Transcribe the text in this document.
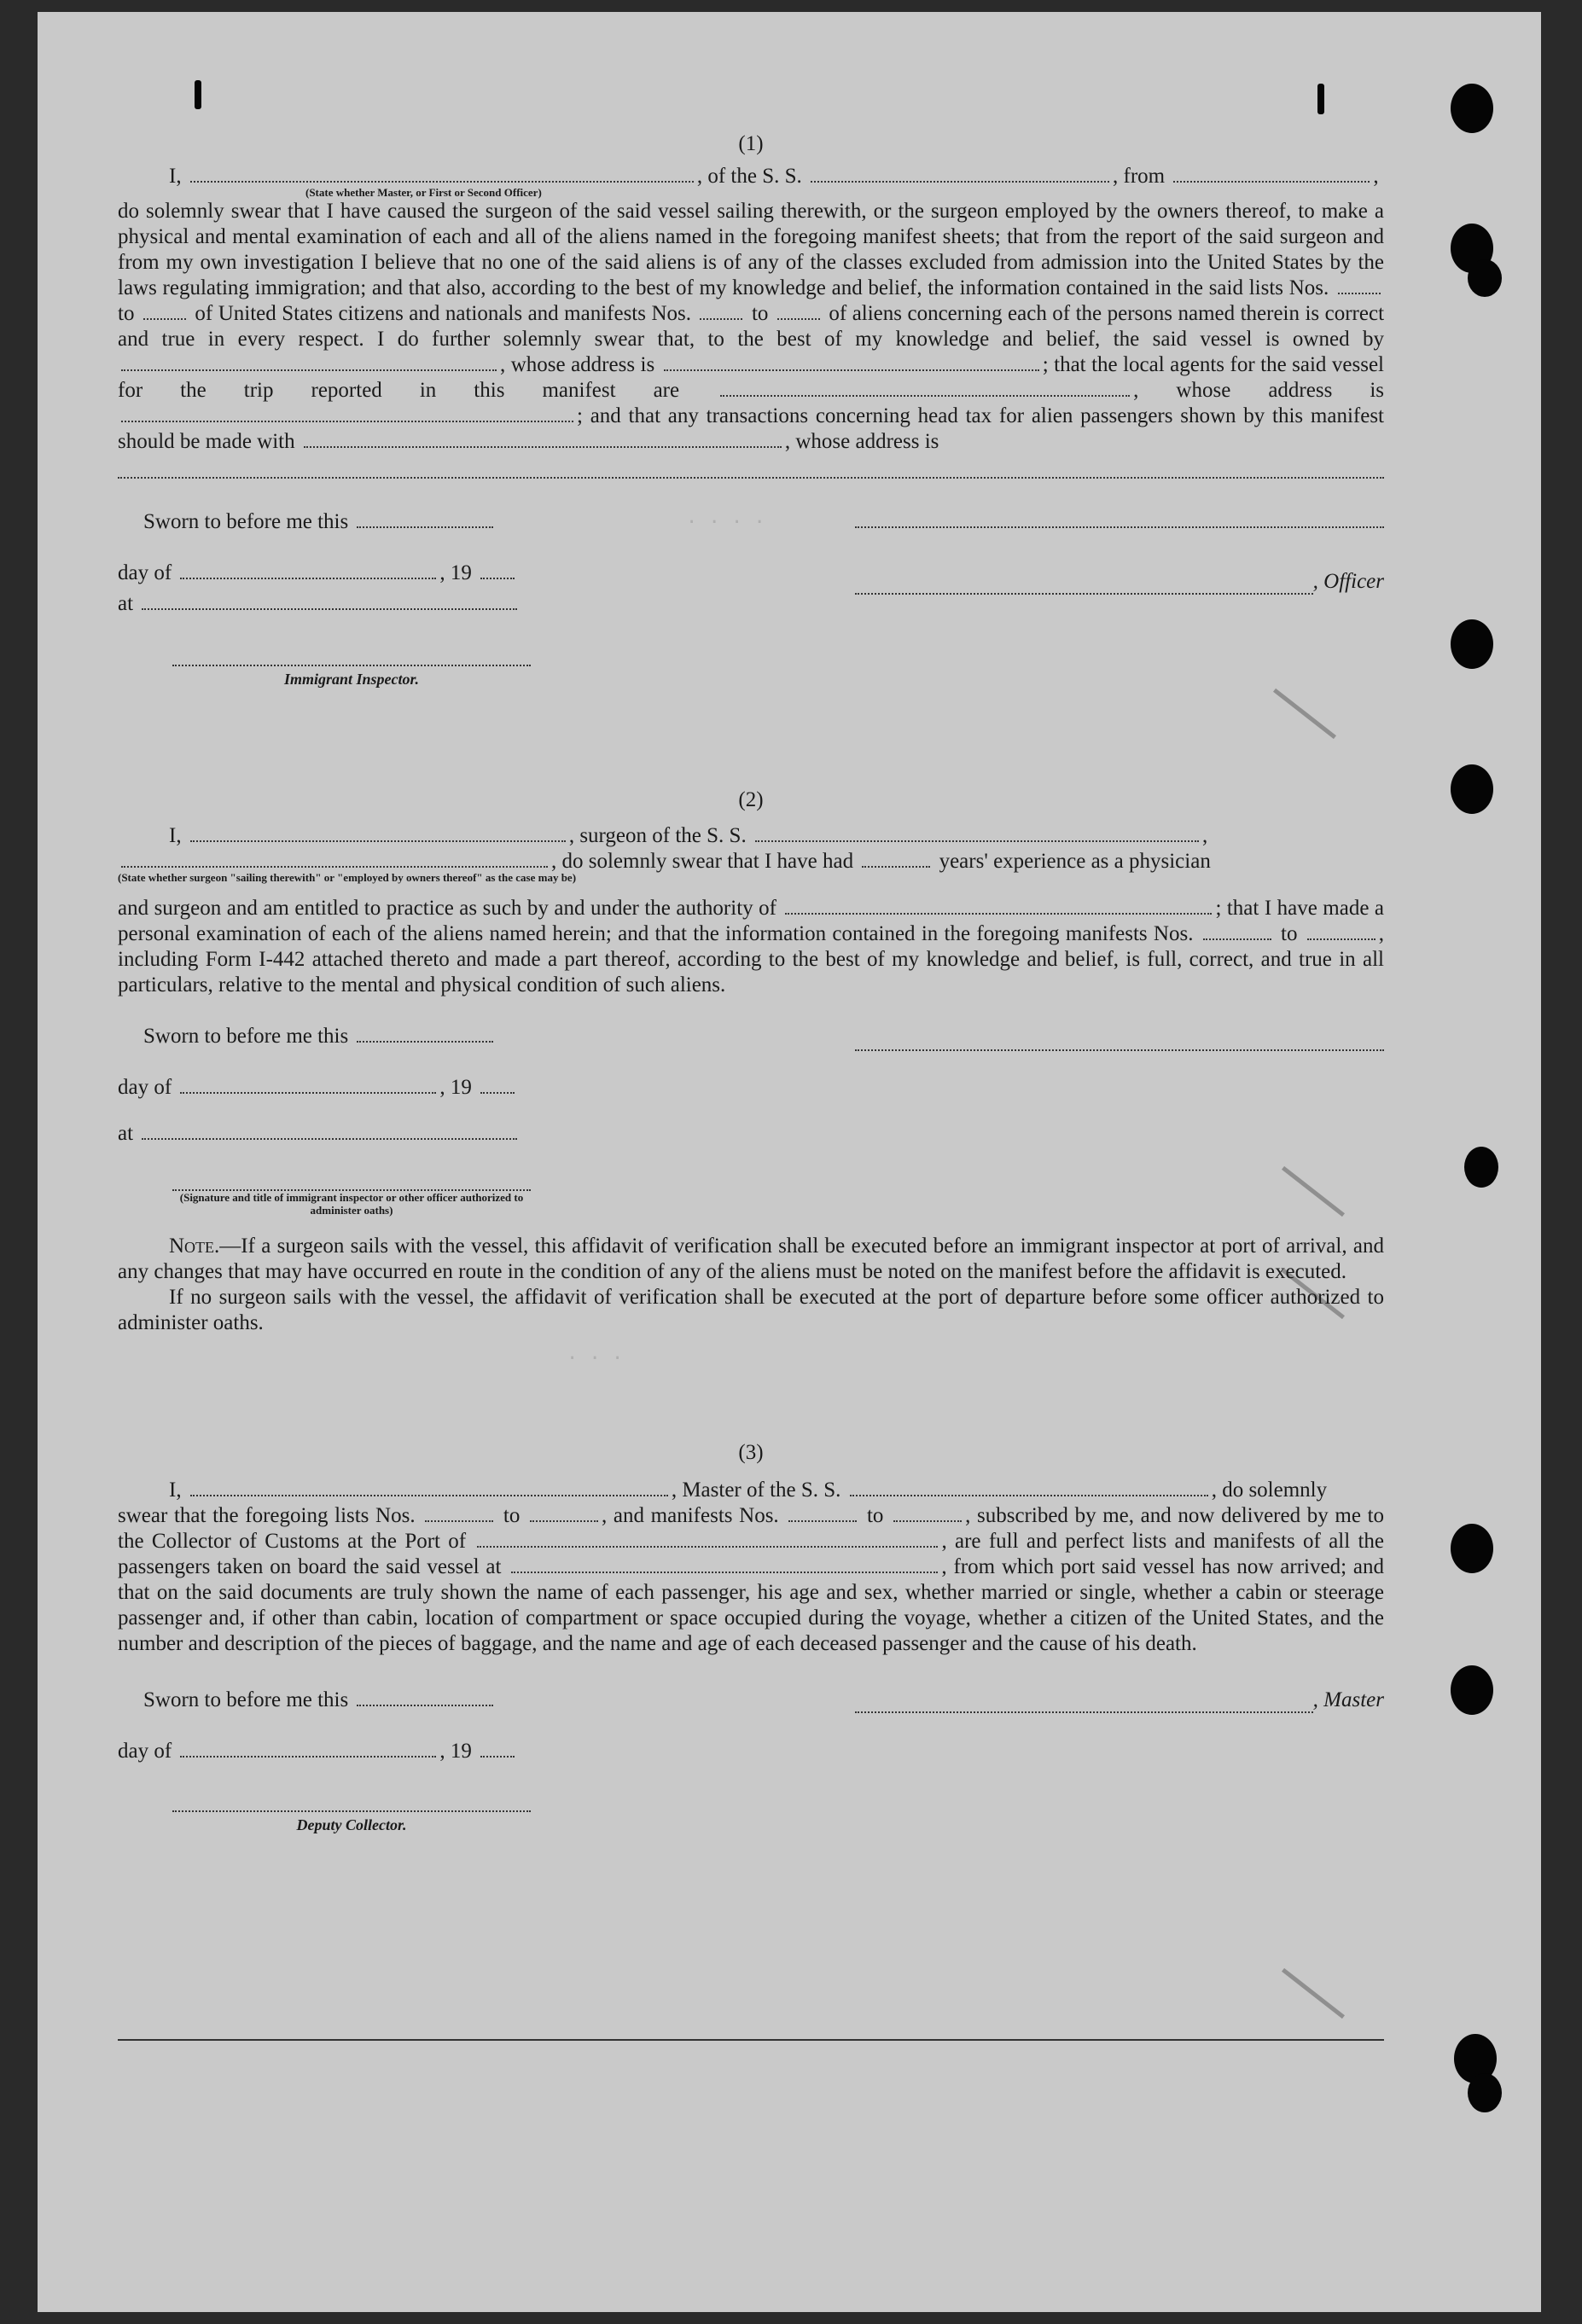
. . . .
. . .
(1)
I,	, of the S. S.	, from	,
(State whether Master, or First or Second Officer)

do solemnly swear that I have caused the surgeon of the said vessel sailing therewith, or the surgeon employed by the owners thereof, to make a physical and mental examination of each and all of the aliens named in the foregoing manifest sheets; that from the report of the said surgeon and from my own investigation I believe that no one of the said aliens is of any of the classes excluded from admission into the United States by the laws regulating immigration; and that also, according to the best of my knowledge and belief, the information contained in the said lists Nos.  to	of United States citizens and nationals and manifests Nos.	to	of aliens concerning each of the persons named therein is correct and true in every respect. I do further solemnly swear that, to the best of my knowledge and belief, the said vessel is owned by , whose address is	; that the local agents for the said vessel for the trip reported in this manifest are	, whose address is ; and that any transactions concerning head tax for alien passengers shown by this manifest should be made with	, whose address is

Sworn to before me this
day of	, 19
at
Immigrant Inspector.
, Officer
(2)
I,	, surgeon of the S. S.	,
, do solemnly swear that I have had	years' experience as a physician
(State whether surgeon "sailing therewith" or "employed by owners thereof" as the case may be)

and surgeon and am entitled to practice as such by and under the authority of	; that I have made a personal examination of each of the aliens named herein; and that the information contained in the foregoing manifests Nos.	to	, including Form I-442 attached thereto and made a part thereof, according to the best of my knowledge and belief, is full, correct, and true in all particulars, relative to the mental and physical condition of such aliens.

Sworn to before me this
day of	, 19
at
(Signature and title of immigrant inspector or other officer authorized to administer oaths)

Note.—If a surgeon sails with the vessel, this affidavit of verification shall be executed before an immigrant inspector at port of arrival, and any changes that may have occurred en route in the condition of any of the aliens must be noted on the manifest before the affidavit is executed.

If no surgeon sails with the vessel, the affidavit of verification shall be executed at the port of departure before some officer authorized to administer oaths.

(3)
I,	, Master of the S. S.	, do solemnly

swear that the foregoing lists Nos.	to	, and manifests Nos.	to	, subscribed by me, and now delivered by me to the Collector of Customs at the Port of	, are full and perfect lists and manifests of all the passengers taken on board the said vessel at	, from which port said vessel has now arrived; and that on the said documents are truly shown the name of each passenger, his age and sex, whether married or single, whether a cabin or steerage passenger and, if other than cabin, location of compartment or space occupied during the voyage, whether a citizen of the United States, and the number and description of the pieces of baggage, and the name and age of each deceased passenger and the cause of his death.

Sworn to before me this
day of	, 19
Deputy Collector.
, Master
